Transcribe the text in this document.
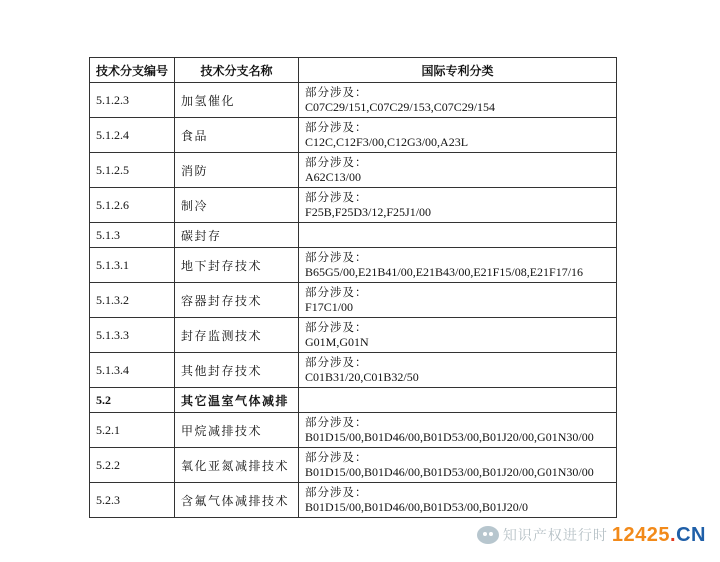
技术分支编号	技术分支名称	国际专利分类
5.1.2.3	加氢催化	部分涉及：
C07C29/151,C07C29/153,C07C29/154

5.1.2.4	食品	部分涉及：
C12C,C12F3/00,C12G3/00,A23L

5.1.2.5	消防	部分涉及：
A62C13/00

5.1.2.6	制冷	部分涉及：
F25B,F25D3/12,F25J1/00

5.1.3	碳封存	

5.1.3.1	地下封存技术	部分涉及：
B65G5/00,E21B41/00,E21B43/00,E21F15/08,E21F17/16

5.1.3.2	容器封存技术	部分涉及：
F17C1/00

5.1.3.3	封存监测技术	部分涉及：
G01M,G01N

5.1.3.4	其他封存技术	部分涉及：
C01B31/20,C01B32/50

5.2	其它温室气体减排	

5.2.1	甲烷减排技术	部分涉及：
B01D15/00,B01D46/00,B01D53/00,B01J20/00,G01N30/00

5.2.2	氧化亚氮减排技术	部分涉及：
B01D15/00,B01D46/00,B01D53/00,B01J20/00,G01N30/00

5.2.3	含氟气体减排技术	部分涉及：
B01D15/00,B01D46/00,B01D53/00,B01J20/0
知识产权进行时 12425.CN
